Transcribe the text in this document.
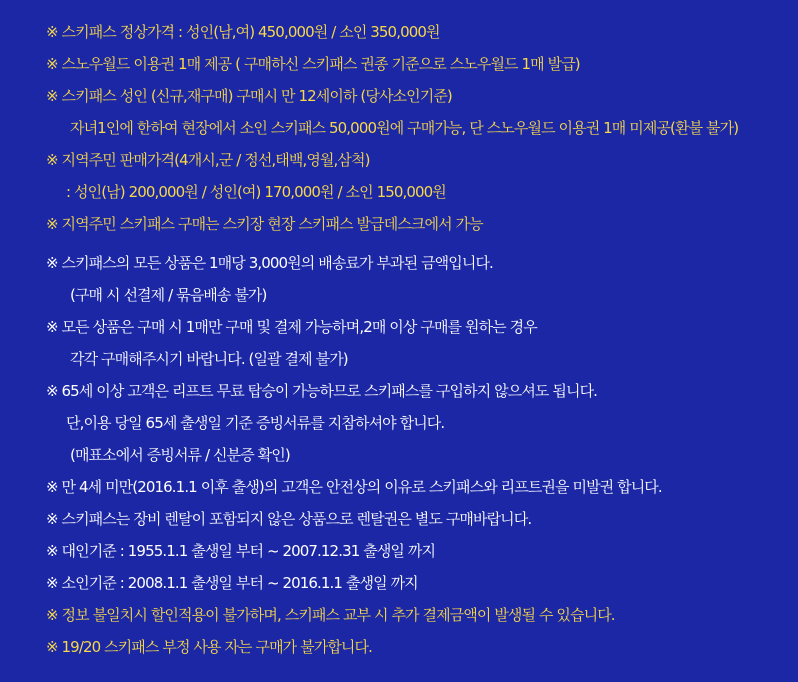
※ 스키패스 정상가격 : 성인(남,여) 450,000원 / 소인 350,000원
※ 스노우월드 이용권 1매 제공 ( 구매하신 스키패스 권종 기준으로 스노우월드 1매 발급)
※ 스키패스 성인 (신규,재구매) 구매시 만 12세이하 (당사소인기준)
자녀1인에 한하여 현장에서 소인 스키패스 50,000원에 구매가능, 단 스노우월드 이용권 1매 미제공(환불 불가)
※ 지역주민 판매가격(4개시,군 / 정선,태백,영월,삼척)
: 성인(남) 200,000원 / 성인(여) 170,000원 / 소인 150,000원
※ 지역주민 스키패스 구매는 스키장 현장 스키패스 발급데스크에서 가능
※ 스키패스의 모든 상품은 1매당 3,000원의 배송료가 부과된 금액입니다.
(구매 시 선결제 / 묶음배송 불가)
※ 모든 상품은 구매 시 1매만 구매 및 결제 가능하며,2매 이상 구매를 원하는 경우
각각 구매해주시기 바랍니다. (일괄 결제 불가)
※ 65세 이상 고객은 리프트 무료 탑승이 가능하므로 스키패스를 구입하지 않으셔도 됩니다.
단,이용 당일 65세 출생일 기준 증빙서류를 지참하셔야 합니다.
(매표소에서 증빙서류 / 신분증 확인)
※ 만 4세 미만(2016.1.1 이후 출생)의 고객은 안전상의 이유로 스키패스와 리프트권을 미발권 합니다.
※ 스키패스는 장비 렌탈이 포함되지 않은 상품으로 렌탈권은 별도 구매바랍니다.
※ 대인기준 : 1955.1.1 출생일 부터 ~ 2007.12.31 출생일 까지
※ 소인기준 : 2008.1.1 출생일 부터 ~ 2016.1.1 출생일 까지
※ 정보 불일치시 할인적용이 불가하며, 스키패스 교부 시 추가 결제금액이 발생될 수 있습니다.
※ 19/20 스키패스 부정 사용 자는 구매가 불가합니다.
